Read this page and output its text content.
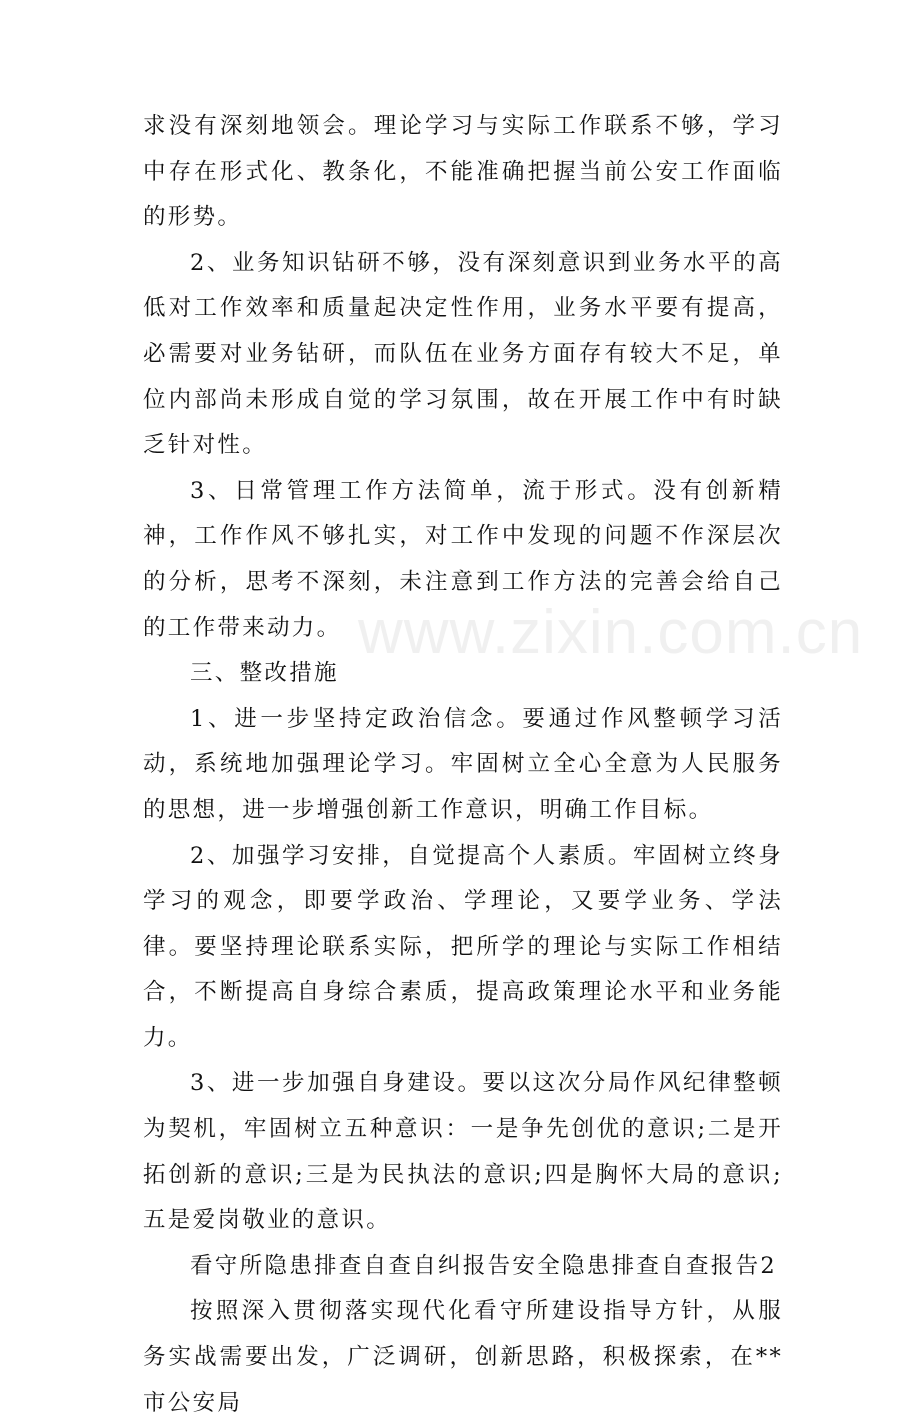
求没有深刻地领会。理论学习与实际工作联系不够，学习中存在形式化、教条化，不能准确把握当前公安工作面临的形势。

2、业务知识钻研不够，没有深刻意识到业务水平的高低对工作效率和质量起决定性作用，业务水平要有提高，必需要对业务钻研，而队伍在业务方面存有较大不足，单位内部尚未形成自觉的学习氛围，故在开展工作中有时缺乏针对性。

3、日常管理工作方法简单，流于形式。没有创新精神，工作作风不够扎实，对工作中发现的问题不作深层次的分析，思考不深刻，未注意到工作方法的完善会给自己的工作带来动力。

三、整改措施

1、进一步坚持定政治信念。要通过作风整顿学习活动，系统地加强理论学习。牢固树立全心全意为人民服务的思想，进一步增强创新工作意识，明确工作目标。

2、加强学习安排，自觉提高个人素质。牢固树立终身学习的观念，即要学政治、学理论，又要学业务、学法律。要坚持理论联系实际，把所学的理论与实际工作相结合，不断提高自身综合素质，提高政策理论水平和业务能力。

3、进一步加强自身建设。要以这次分局作风纪律整顿为契机，牢固树立五种意识：一是争先创优的意识;二是开拓创新的意识;三是为民执法的意识;四是胸怀大局的意识;五是爱岗敬业的意识。

看守所隐患排查自查自纠报告安全隐患排查自查报告2

按照深入贯彻落实现代化看守所建设指导方针，从服务实战需要出发，广泛调研，创新思路，积极探索，在**市公安局

www.zixin.com.cn
